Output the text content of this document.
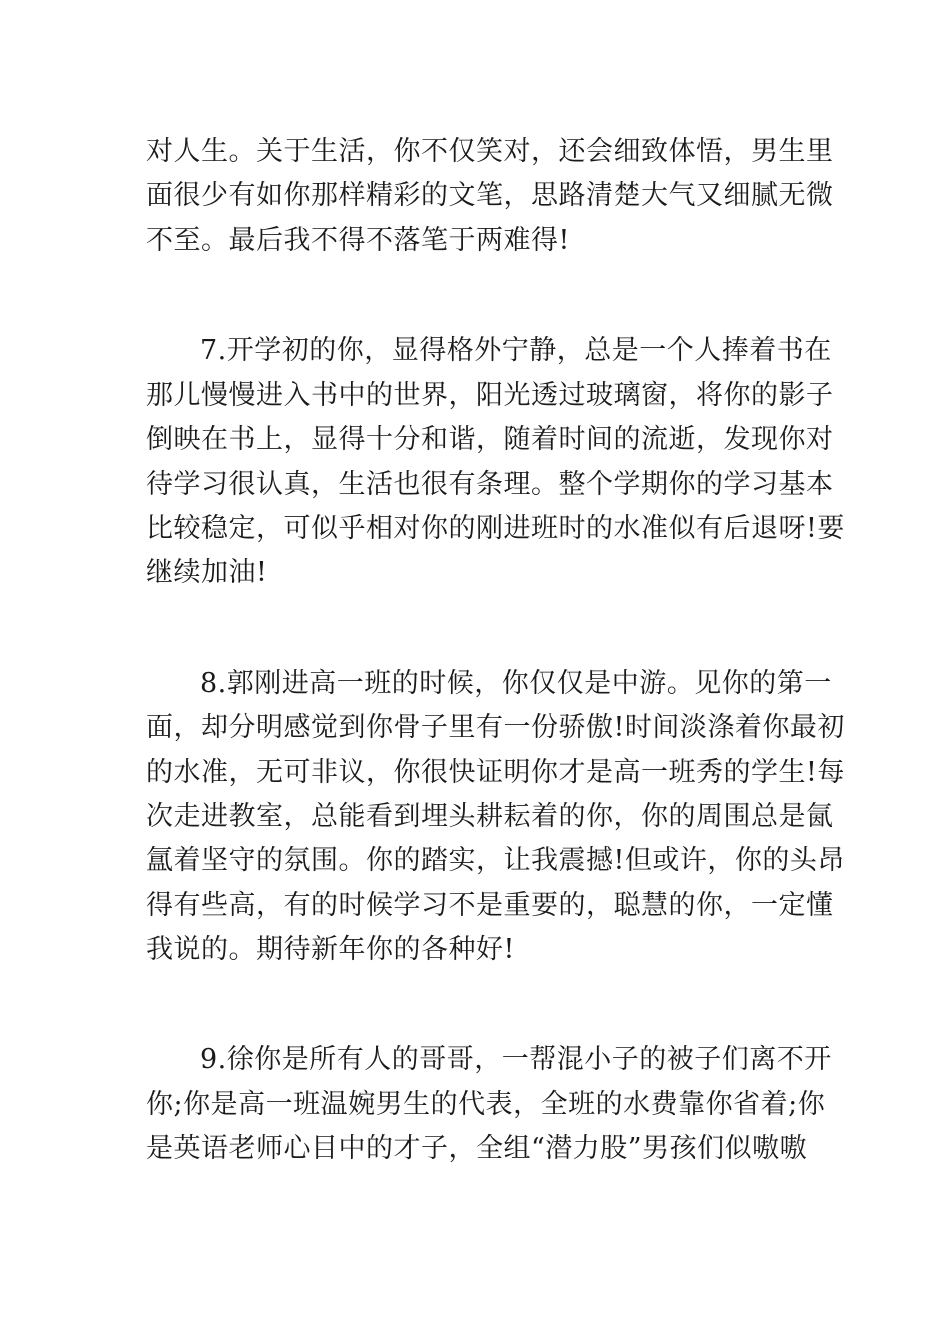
对人生。关于生活，你不仅笑对，还会细致体悟，男生里
面很少有如你那样精彩的文笔，思路清楚大气又细腻无微
不至。最后我不得不落笔于两难得!
7.开学初的你，显得格外宁静，总是一个人捧着书在
那儿慢慢进入书中的世界，阳光透过玻璃窗，将你的影子
倒映在书上，显得十分和谐，随着时间的流逝，发现你对
待学习很认真，生活也很有条理。整个学期你的学习基本
比较稳定，可似乎相对你的刚进班时的水准似有后退呀!要
继续加油!
8.郭刚进高一班的时候，你仅仅是中游。见你的第一
面，却分明感觉到你骨子里有一份骄傲!时间淡涤着你最初
的水准，无可非议，你很快证明你才是高一班秀的学生!每
次走进教室，总能看到埋头耕耘着的你，你的周围总是氤
氲着坚守的氛围。你的踏实，让我震撼!但或许，你的头昂
得有些高，有的时候学习不是重要的，聪慧的你，一定懂
我说的。期待新年你的各种好!
9.徐你是所有人的哥哥，一帮混小子的被子们离不开
你;你是高一班温婉男生的代表，全班的水费靠你省着;你
是英语老师心目中的才子，全组“潜力股”男孩们似嗷嗷
